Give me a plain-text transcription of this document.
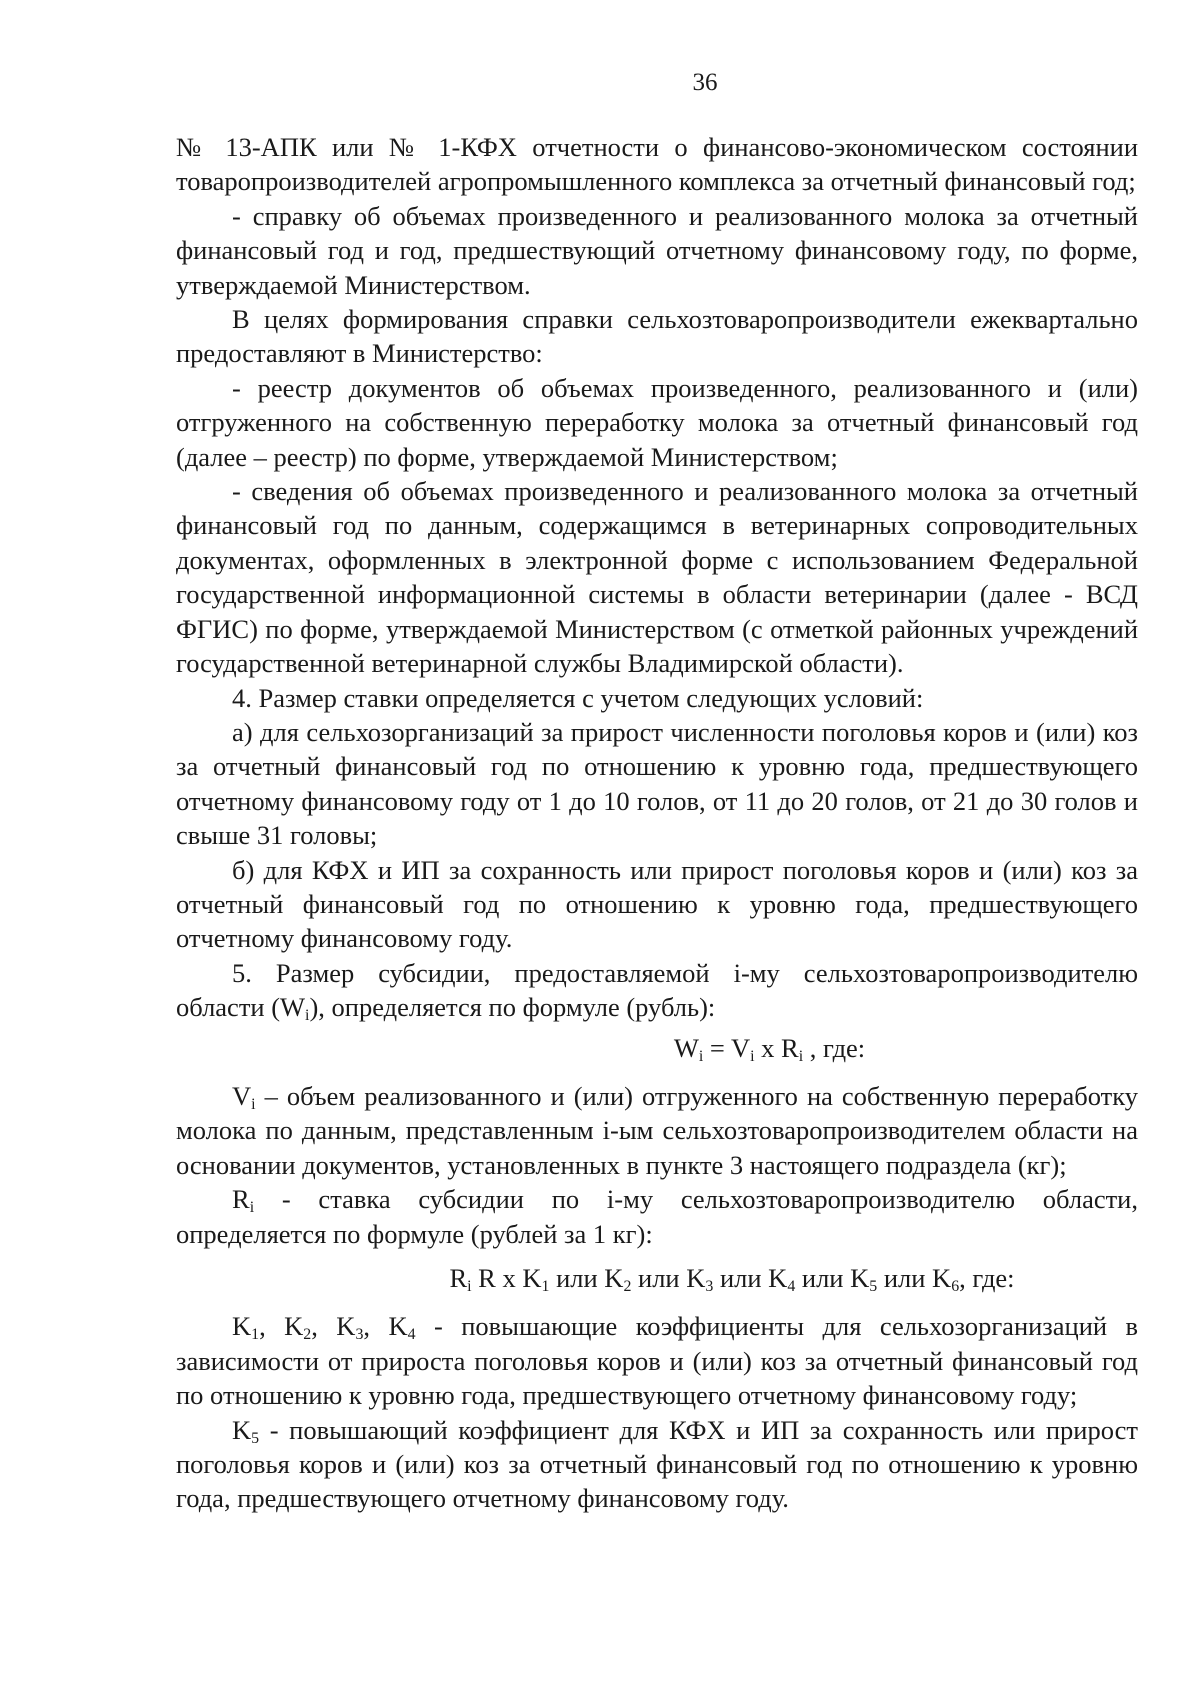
36

№ 13-АПК или № 1-КФХ отчетности о финансово-экономическом состоянии товаропроизводителей агропромышленного комплекса за отчетный финансовый год;

- справку об объемах произведенного и реализованного молока за отчетный финансовый год и год, предшествующий отчетному финансовому году, по форме, утверждаемой Министерством.

В целях формирования справки сельхозтоваропроизводители ежеквартально предоставляют в Министерство:

- реестр документов об объемах произведенного, реализованного и (или) отгруженного на собственную переработку молока за отчетный финансовый год (далее – реестр) по форме, утверждаемой Министерством;

- сведения об объемах произведенного и реализованного молока за отчетный финансовый год по данным, содержащимся в ветеринарных сопроводительных документах, оформленных в электронной форме с использованием Федеральной государственной информационной системы в области ветеринарии (далее - ВСД ФГИС) по форме, утверждаемой Министерством (с отметкой районных учреждений государственной ветеринарной службы Владимирской области).

4. Размер ставки определяется с учетом следующих условий:

а) для сельхозорганизаций за прирост численности поголовья коров и (или) коз за отчетный финансовый год по отношению к уровню года, предшествующего отчетному финансовому году от 1 до 10 голов, от 11 до 20 голов, от 21 до 30 голов и свыше 31 головы;

б) для КФХ и ИП за сохранность или прирост поголовья коров и (или) коз за отчетный финансовый год по отношению к уровню года, предшествующего отчетному финансовому году.

5. Размер субсидии, предоставляемой i-му сельхозтоваропроизводителю области $(W_i)$, определяется по формуле (рубль):

$W_i = V_i$ x $R_i$ , где:

$V_i$ – объем реализованного и (или) отгруженного на собственную переработку молока по данным, представленным i-ым сельхозтоваропроизводителем области на основании документов, установленных в пункте 3 настоящего подраздела (кг);

$R_i$ - ставка субсидии по i-му сельхозтоваропроизводителю области, определяется по формуле (рублей за 1 кг):

$R_i$ R x $K_1$ или $K_2$ или $K_3$ или $K_4$ или $K_5$ или $K_6$, где:

$K_1$, $K_2$, $K_3$, $K_4$ - повышающие коэффициенты для сельхозорганизаций в зависимости от прироста поголовья коров и (или) коз за отчетный финансовый год по отношению к уровню года, предшествующего отчетному финансовому году;

$K_5$ - повышающий коэффициент для КФХ и ИП за сохранность или прирост поголовья коров и (или) коз за отчетный финансовый год по отношению к уровню года, предшествующего отчетному финансовому году.
